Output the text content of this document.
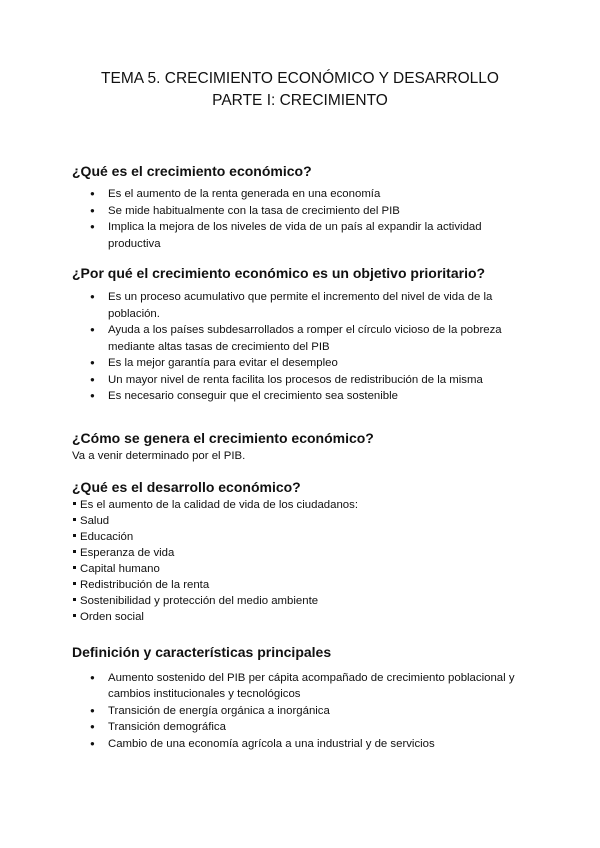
TEMA 5. CRECIMIENTO ECONÓMICO Y DESARROLLO

PARTE I: CRECIMIENTO

¿Qué es el crecimiento económico?
● Es el aumento de la renta generada en una economía
● Se mide habitualmente con la tasa de crecimiento del PIB
● Implica la mejora de los niveles de vida de un país al expandir la actividad productiva
¿Por qué el crecimiento económico es un objetivo prioritario?
● Es un proceso acumulativo que permite el incremento del nivel de vida de la población.
● Ayuda a los países subdesarrollados a romper el círculo vicioso de la pobreza mediante altas tasas de crecimiento del PIB
● Es la mejor garantía para evitar el desempleo
● Un mayor nivel de renta facilita los procesos de redistribución de la misma
● Es necesario conseguir que el crecimiento sea sostenible
¿Cómo se genera el crecimiento económico?

Va a venir determinado por el PIB.

¿Qué es el desarrollo económico?

Es el aumento de la calidad de vida de los ciudadanos:

Salud
Educación
Esperanza de vida
Capital humano
Redistribución de la renta
Sostenibilidad y protección del medio ambiente
Orden social
Definición y características principales
● Aumento sostenido del PIB per cápita acompañado de crecimiento poblacional y cambios institucionales y tecnológicos
● Transición de energía orgánica a inorgánica
● Transición demográfica
● Cambio de una economía agrícola a una industrial y de servicios
